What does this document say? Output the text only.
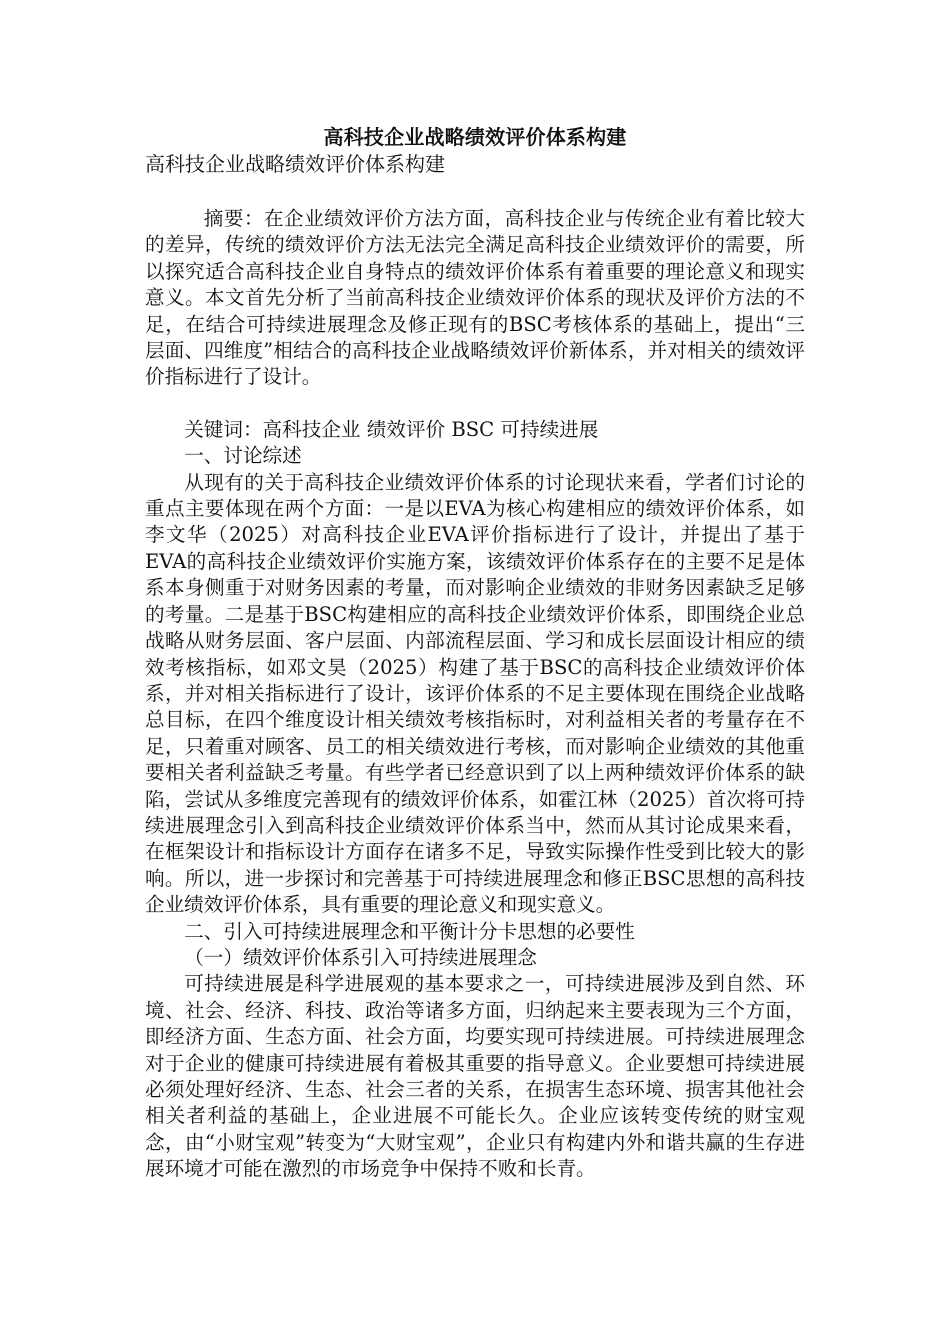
高科技企业战略绩效评价体系构建

高科技企业战略绩效评价体系构建

摘要：在企业绩效评价方法方面，高科技企业与传统企业有着比较大的差异，传统的绩效评价方法无法完全满足高科技企业绩效评价的需要，所以探究适合高科技企业自身特点的绩效评价体系有着重要的理论意义和现实意义。本文首先分析了当前高科技企业绩效评价体系的现状及评价方法的不足，在结合可持续进展理念及修正现有的BSC考核体系的基础上，提出“三层面、四维度”相结合的高科技企业战略绩效评价新体系，并对相关的绩效评价指标进行了设计。

关键词：高科技企业 绩效评价 BSC 可持续进展

一、讨论综述

从现有的关于高科技企业绩效评价体系的讨论现状来看，学者们讨论的重点主要体现在两个方面：一是以EVA为核心构建相应的绩效评价体系，如李文华（2025）对高科技企业EVA评价指标进行了设计，并提出了基于EVA的高科技企业绩效评价实施方案，该绩效评价体系存在的主要不足是体系本身侧重于对财务因素的考量，而对影响企业绩效的非财务因素缺乏足够的考量。二是基于BSC构建相应的高科技企业绩效评价体系，即围绕企业总战略从财务层面、客户层面、内部流程层面、学习和成长层面设计相应的绩效考核指标，如邓文昊（2025）构建了基于BSC的高科技企业绩效评价体系，并对相关指标进行了设计，该评价体系的不足主要体现在围绕企业战略总目标，在四个维度设计相关绩效考核指标时，对利益相关者的考量存在不足，只着重对顾客、员工的相关绩效进行考核，而对影响企业绩效的其他重要相关者利益缺乏考量。有些学者已经意识到了以上两种绩效评价体系的缺陷，尝试从多维度完善现有的绩效评价体系，如霍江林（2025）首次将可持续进展理念引入到高科技企业绩效评价体系当中，然而从其讨论成果来看，在框架设计和指标设计方面存在诸多不足，导致实际操作性受到比较大的影响。所以，进一步探讨和完善基于可持续进展理念和修正BSC思想的高科技企业绩效评价体系，具有重要的理论意义和现实意义。

二、引入可持续进展理念和平衡计分卡思想的必要性

（一）绩效评价体系引入可持续进展理念

可持续进展是科学进展观的基本要求之一，可持续进展涉及到自然、环境、社会、经济、科技、政治等诸多方面，归纳起来主要表现为三个方面，即经济方面、生态方面、社会方面，均要实现可持续进展。可持续进展理念对于企业的健康可持续进展有着极其重要的指导意义。企业要想可持续进展必须处理好经济、生态、社会三者的关系，在损害生态环境、损害其他社会相关者利益的基础上，企业进展不可能长久。企业应该转变传统的财宝观念，由“小财宝观”转变为“大财宝观”，企业只有构建内外和谐共赢的生存进展环境才可能在激烈的市场竞争中保持不败和长青。
